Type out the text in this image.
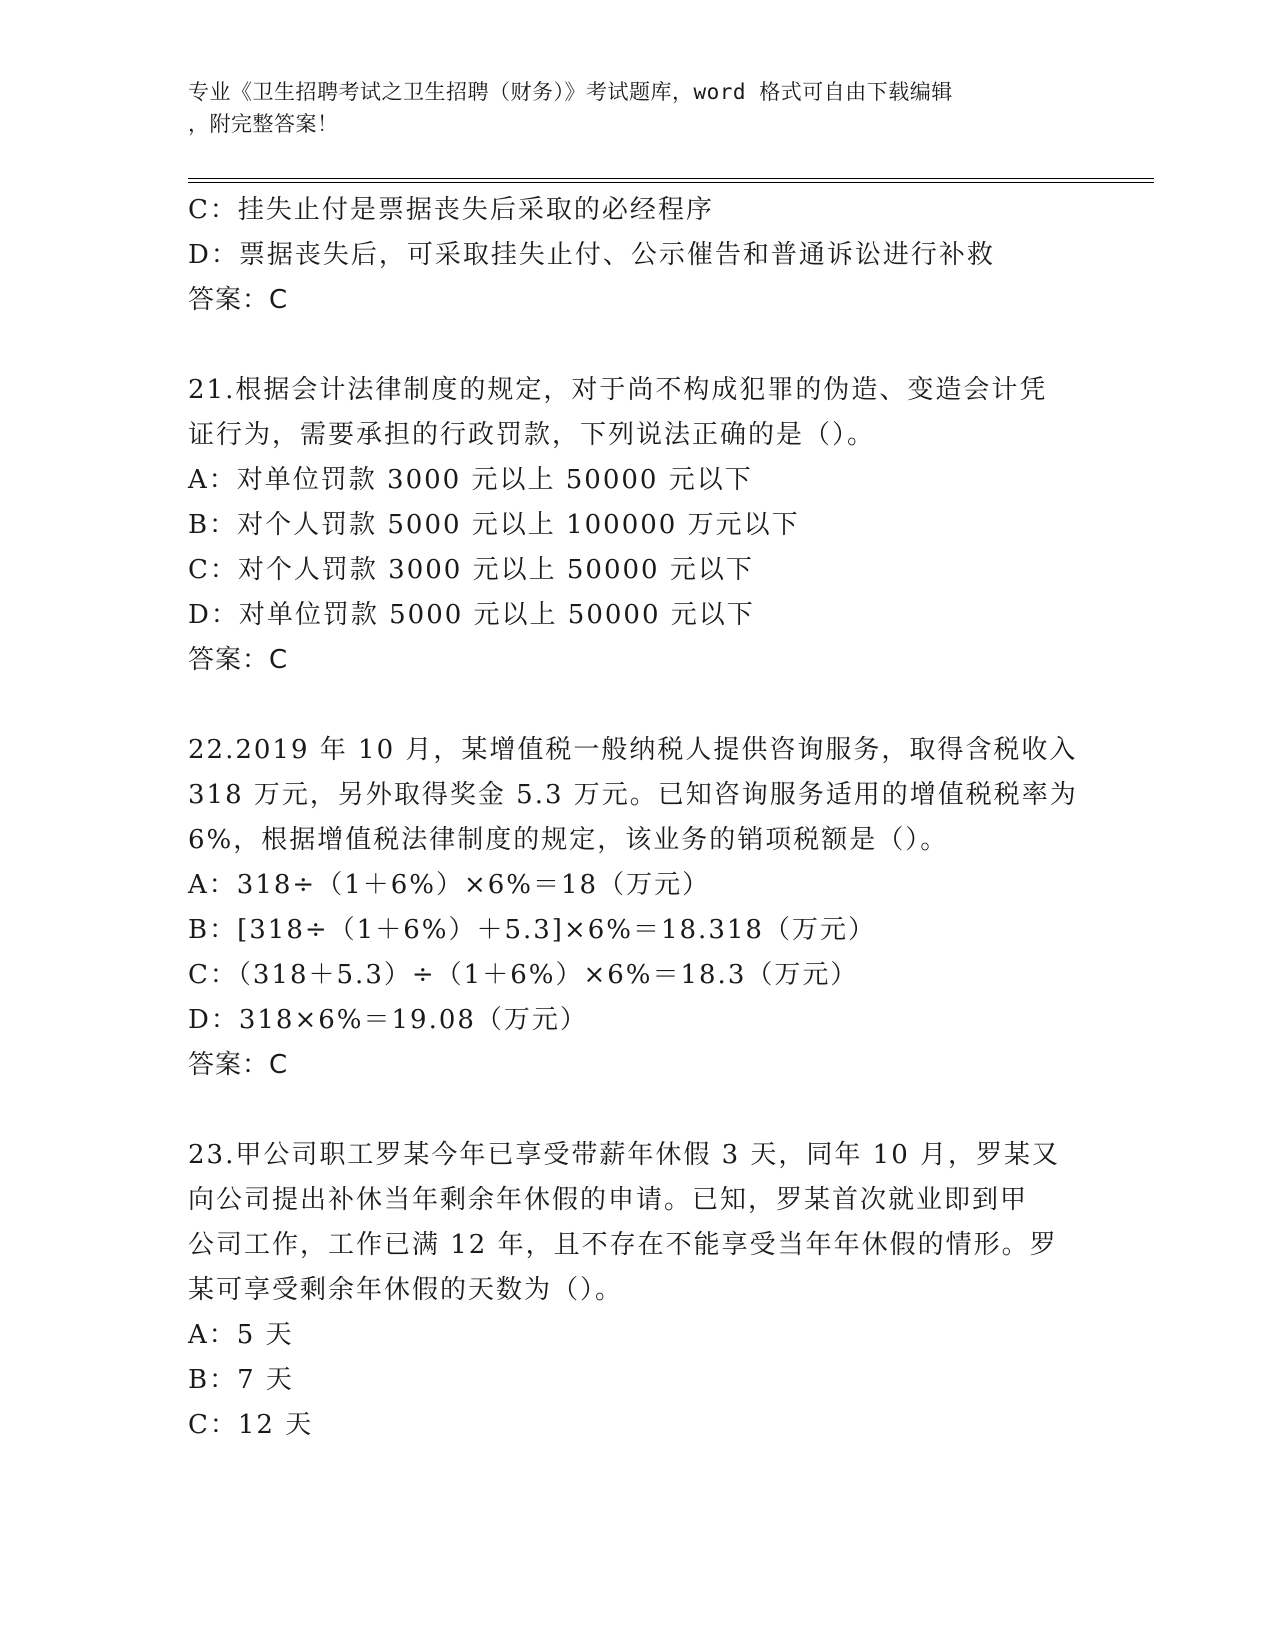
专业《卫生招聘考试之卫生招聘（财务）》考试题库，word 格式可自由下载编辑
，附完整答案！
C：挂失止付是票据丧失后采取的必经程序
D：票据丧失后，可采取挂失止付、公示催告和普通诉讼进行补救
答案：C
21.根据会计法律制度的规定，对于尚不构成犯罪的伪造、变造会计凭
证行为，需要承担的行政罚款，下列说法正确的是（）。
A：对单位罚款 3000 元以上 50000 元以下
B：对个人罚款 5000 元以上 100000 万元以下
C：对个人罚款 3000 元以上 50000 元以下
D：对单位罚款 5000 元以上 50000 元以下
答案：C
22.2019 年 10 月，某增值税一般纳税人提供咨询服务，取得含税收入
318 万元，另外取得奖金 5.3 万元。已知咨询服务适用的增值税税率为
6%，根据增值税法律制度的规定，该业务的销项税额是（）。
A：318÷（1＋6%）×6%＝18（万元）
B：[318÷（1＋6%）＋5.3]×6%＝18.318（万元）
C：（318＋5.3）÷（1＋6%）×6%＝18.3（万元）
D：318×6%＝19.08（万元）
答案：C
23.甲公司职工罗某今年已享受带薪年休假 3 天，同年 10 月，罗某又
向公司提出补休当年剩余年休假的申请。已知，罗某首次就业即到甲
公司工作，工作已满 12 年，且不存在不能享受当年年休假的情形。罗
某可享受剩余年休假的天数为（）。
A：5 天
B：7 天
C：12 天
